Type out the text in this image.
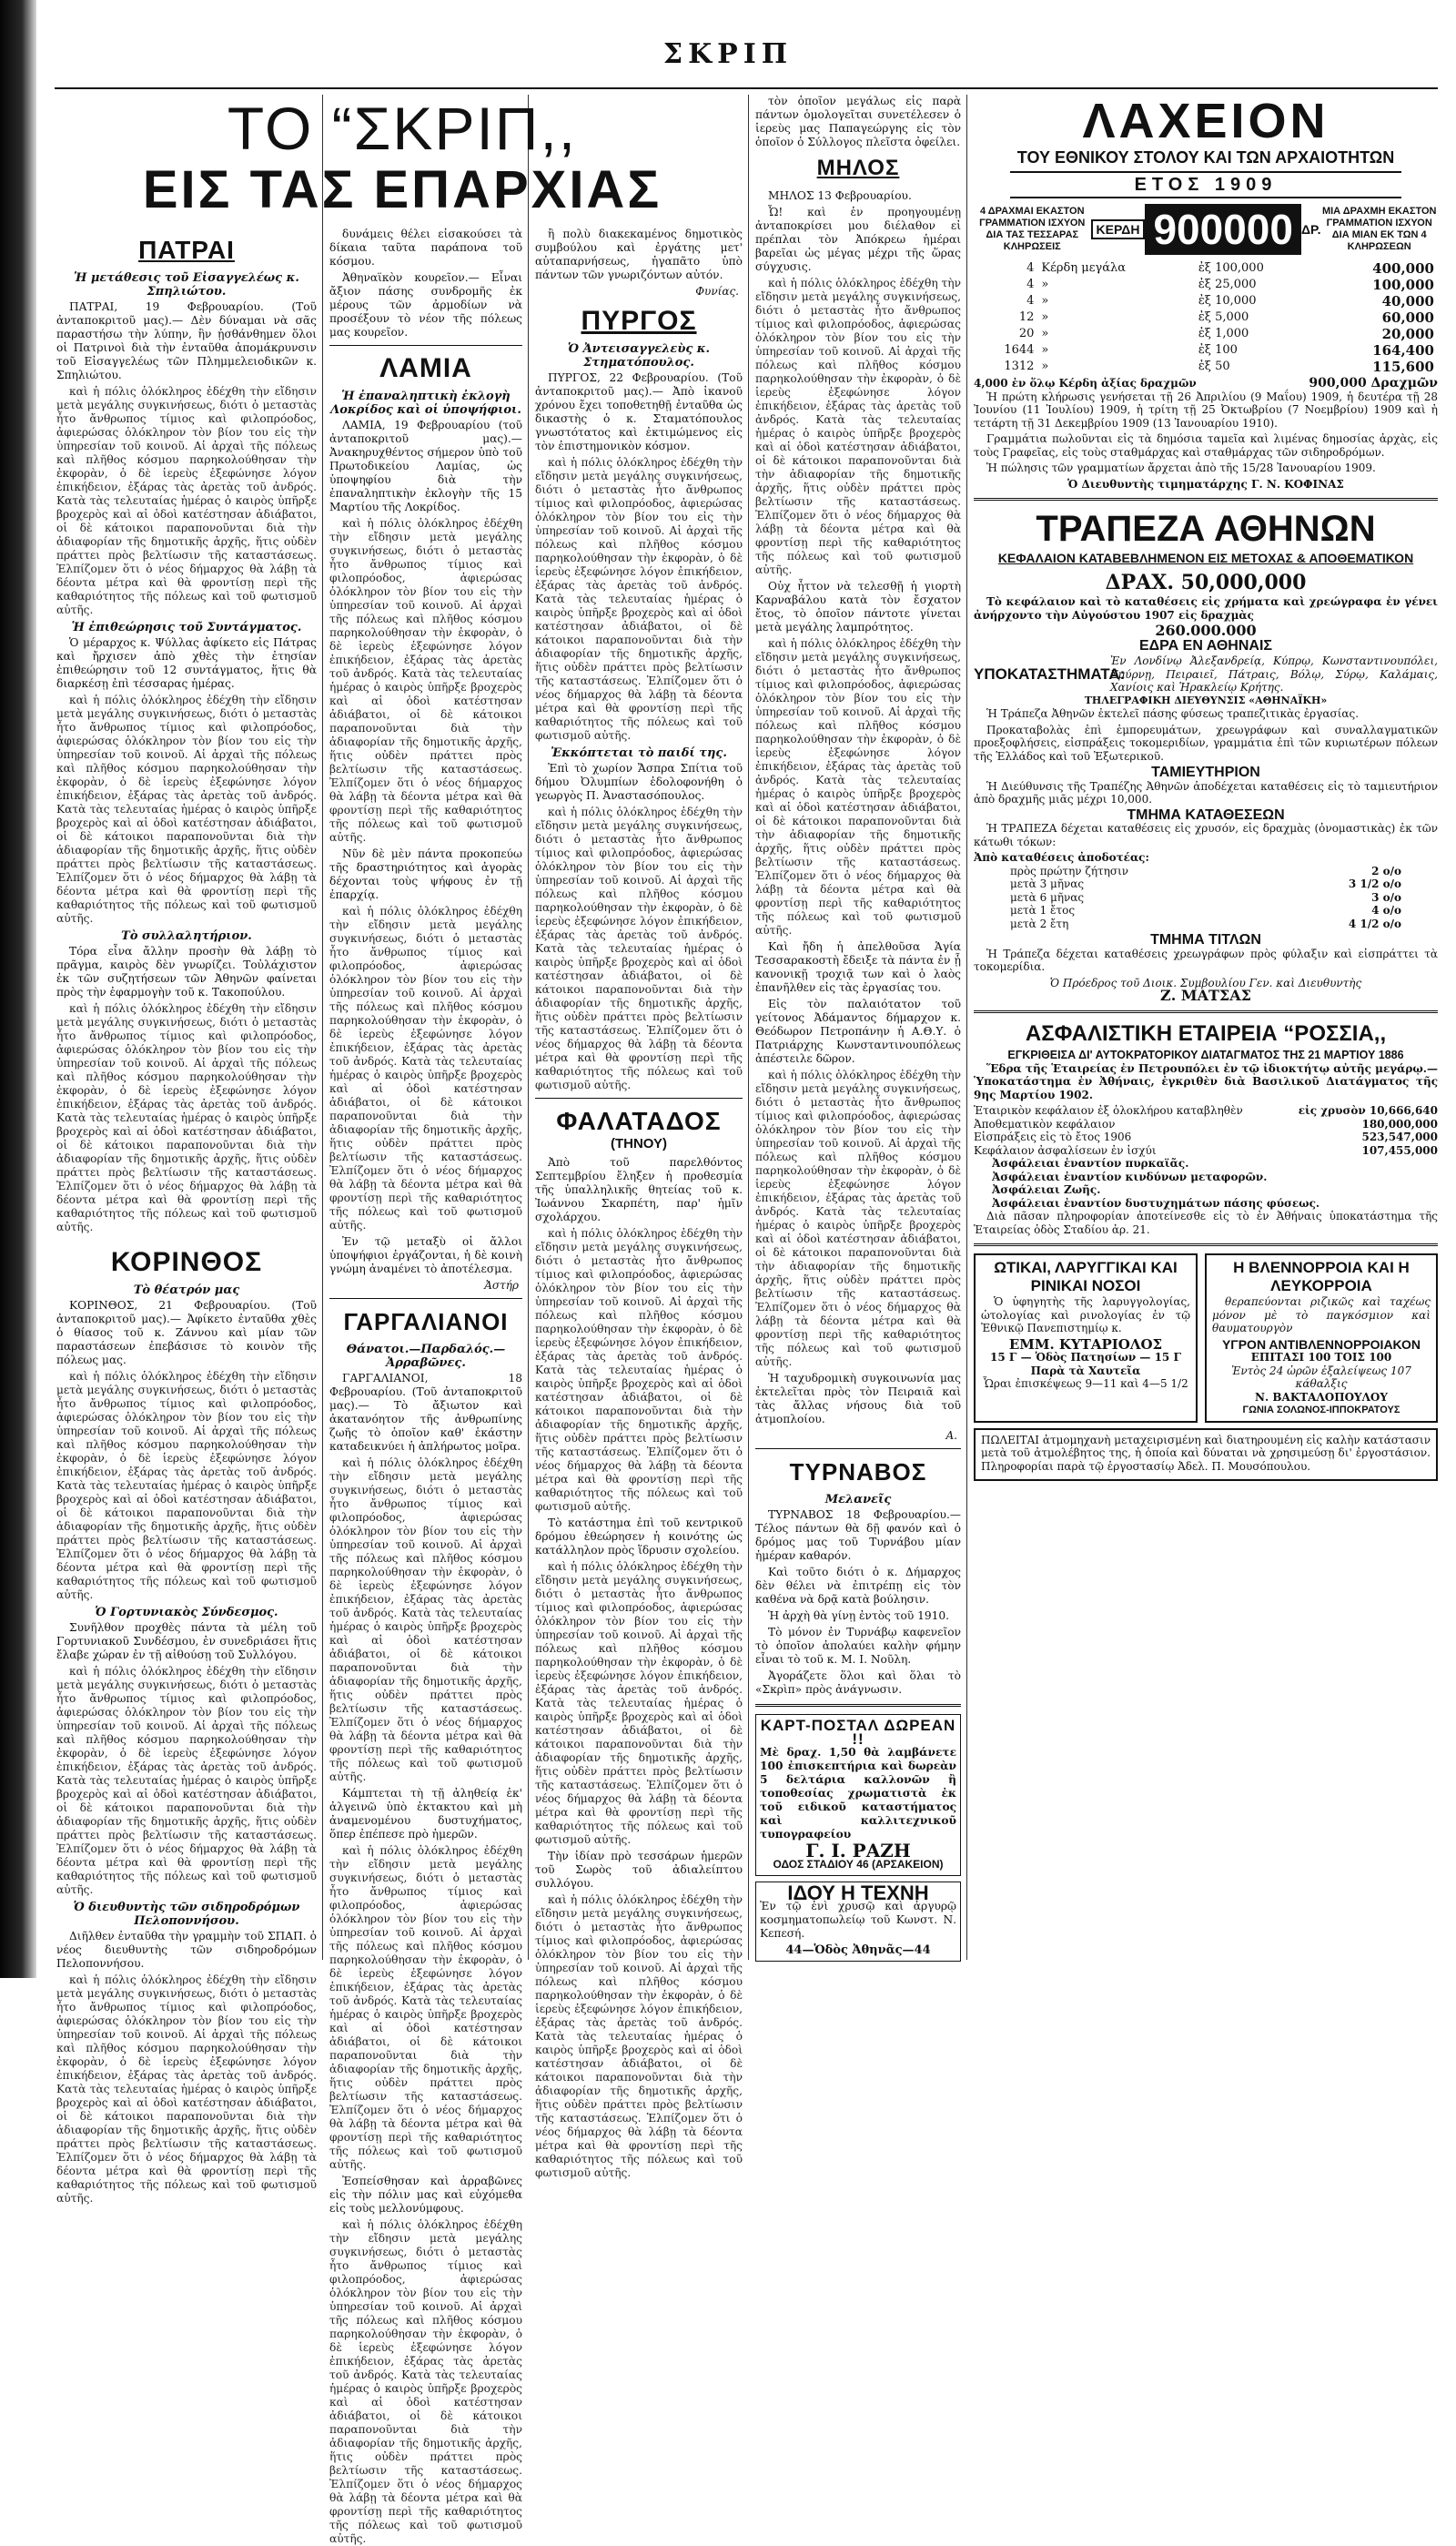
ΣΚΡΙΠ
ΤΟ “ΣΚΡΙΠ,,
ΕΙΣ ΤΑΣ ΕΠΑΡΧΙΑΣ
ΠΑΤΡΑΙ
Ἡ μετάθεσις τοῦ Εἰσαγγελέως κ. Σπηλιώτου.

ΠΑΤΡΑΙ, 19 Φεβρουαρίου. (Τοῦ ἀνταποκριτοῦ μας).— Δὲν δύναμαι νὰ σᾶς παραστήσω τὴν λύπην, ἣν ᾐσθάνθημεν ὅλοι οἱ Πατρινοὶ διὰ τὴν ἐνταῦθα ἀπομάκρυνσιν τοῦ Εἰσαγγελέως τῶν Πλημμελειοδικῶν κ. Σπηλιώτου.

καὶ ἡ πόλις ὁλόκληρος ἐδέχθη τὴν εἴδησιν μετὰ μεγάλης συγκινήσεως, διότι ὁ μεταστὰς ἦτο ἄνθρωπος τίμιος καὶ φιλοπρόοδος, ἀφιερώσας ὁλόκληρον τὸν βίον του εἰς τὴν ὑπηρεσίαν τοῦ κοινοῦ. Αἱ ἀρχαὶ τῆς πόλεως καὶ πλῆθος κόσμου παρηκολούθησαν τὴν ἐκφορὰν, ὁ δὲ ἱερεὺς ἐξεφώνησε λόγον ἐπικήδειον, ἐξάρας τὰς ἀρετὰς τοῦ ἀνδρός. Κατὰ τὰς τελευταίας ἡμέρας ὁ καιρὸς ὑπῆρξε βροχερὸς καὶ αἱ ὁδοὶ κατέστησαν ἀδιάβατοι, οἱ δὲ κάτοικοι παραπονοῦνται διὰ τὴν ἀδιαφορίαν τῆς δημοτικῆς ἀρχῆς, ἥτις οὐδὲν πράττει πρὸς βελτίωσιν τῆς καταστάσεως. Ἐλπίζομεν ὅτι ὁ νέος δήμαρχος θὰ λάβῃ τὰ δέοντα μέτρα καὶ θὰ φροντίσῃ περὶ τῆς καθαριότητος τῆς πόλεως καὶ τοῦ φωτισμοῦ αὐτῆς.

Ἡ ἐπιθεώρησις τοῦ Συντάγματος.

Ὁ μέραρχος κ. Ψύλλας ἀφίκετο εἰς Πάτρας καὶ ἤρχισεν ἀπὸ χθὲς τὴν ἐτησίαν ἐπιθεώρησιν τοῦ 12 συντάγματος, ἥτις θὰ διαρκέσῃ ἐπὶ τέσσαρας ἡμέρας.

καὶ ἡ πόλις ὁλόκληρος ἐδέχθη τὴν εἴδησιν μετὰ μεγάλης συγκινήσεως, διότι ὁ μεταστὰς ἦτο ἄνθρωπος τίμιος καὶ φιλοπρόοδος, ἀφιερώσας ὁλόκληρον τὸν βίον του εἰς τὴν ὑπηρεσίαν τοῦ κοινοῦ. Αἱ ἀρχαὶ τῆς πόλεως καὶ πλῆθος κόσμου παρηκολούθησαν τὴν ἐκφορὰν, ὁ δὲ ἱερεὺς ἐξεφώνησε λόγον ἐπικήδειον, ἐξάρας τὰς ἀρετὰς τοῦ ἀνδρός. Κατὰ τὰς τελευταίας ἡμέρας ὁ καιρὸς ὑπῆρξε βροχερὸς καὶ αἱ ὁδοὶ κατέστησαν ἀδιάβατοι, οἱ δὲ κάτοικοι παραπονοῦνται διὰ τὴν ἀδιαφορίαν τῆς δημοτικῆς ἀρχῆς, ἥτις οὐδὲν πράττει πρὸς βελτίωσιν τῆς καταστάσεως. Ἐλπίζομεν ὅτι ὁ νέος δήμαρχος θὰ λάβῃ τὰ δέοντα μέτρα καὶ θὰ φροντίσῃ περὶ τῆς καθαριότητος τῆς πόλεως καὶ τοῦ φωτισμοῦ αὐτῆς.

Τὸ συλλαλητήριον.

Τόρα εἶνα ἄλλην προσὴν θὰ λάβῃ τὸ πρᾶγμα, καιρὸς δὲν γνωρίζει. Τοὐλάχιστον ἐκ τῶν συζητήσεων τῶν Ἀθηνῶν φαίνεται πρὸς τὴν ἐφαρμογὴν τοῦ κ. Τακοπούλου.

καὶ ἡ πόλις ὁλόκληρος ἐδέχθη τὴν εἴδησιν μετὰ μεγάλης συγκινήσεως, διότι ὁ μεταστὰς ἦτο ἄνθρωπος τίμιος καὶ φιλοπρόοδος, ἀφιερώσας ὁλόκληρον τὸν βίον του εἰς τὴν ὑπηρεσίαν τοῦ κοινοῦ. Αἱ ἀρχαὶ τῆς πόλεως καὶ πλῆθος κόσμου παρηκολούθησαν τὴν ἐκφορὰν, ὁ δὲ ἱερεὺς ἐξεφώνησε λόγον ἐπικήδειον, ἐξάρας τὰς ἀρετὰς τοῦ ἀνδρός. Κατὰ τὰς τελευταίας ἡμέρας ὁ καιρὸς ὑπῆρξε βροχερὸς καὶ αἱ ὁδοὶ κατέστησαν ἀδιάβατοι, οἱ δὲ κάτοικοι παραπονοῦνται διὰ τὴν ἀδιαφορίαν τῆς δημοτικῆς ἀρχῆς, ἥτις οὐδὲν πράττει πρὸς βελτίωσιν τῆς καταστάσεως. Ἐλπίζομεν ὅτι ὁ νέος δήμαρχος θὰ λάβῃ τὰ δέοντα μέτρα καὶ θὰ φροντίσῃ περὶ τῆς καθαριότητος τῆς πόλεως καὶ τοῦ φωτισμοῦ αὐτῆς.

ΚΟΡΙΝΘΟΣ
Τὸ θέατρόν μας

ΚΟΡΙΝΘΟΣ, 21 Φεβρουαρίου. (Τοῦ ἀνταποκριτοῦ μας).— Ἀφίκετο ἐνταῦθα χθὲς ὁ θίασος τοῦ κ. Ζάννου καὶ μίαν τῶν παραστάσεων ἐπεβάσισε τὸ κοινὸν τῆς πόλεως μας.

καὶ ἡ πόλις ὁλόκληρος ἐδέχθη τὴν εἴδησιν μετὰ μεγάλης συγκινήσεως, διότι ὁ μεταστὰς ἦτο ἄνθρωπος τίμιος καὶ φιλοπρόοδος, ἀφιερώσας ὁλόκληρον τὸν βίον του εἰς τὴν ὑπηρεσίαν τοῦ κοινοῦ. Αἱ ἀρχαὶ τῆς πόλεως καὶ πλῆθος κόσμου παρηκολούθησαν τὴν ἐκφορὰν, ὁ δὲ ἱερεὺς ἐξεφώνησε λόγον ἐπικήδειον, ἐξάρας τὰς ἀρετὰς τοῦ ἀνδρός. Κατὰ τὰς τελευταίας ἡμέρας ὁ καιρὸς ὑπῆρξε βροχερὸς καὶ αἱ ὁδοὶ κατέστησαν ἀδιάβατοι, οἱ δὲ κάτοικοι παραπονοῦνται διὰ τὴν ἀδιαφορίαν τῆς δημοτικῆς ἀρχῆς, ἥτις οὐδὲν πράττει πρὸς βελτίωσιν τῆς καταστάσεως. Ἐλπίζομεν ὅτι ὁ νέος δήμαρχος θὰ λάβῃ τὰ δέοντα μέτρα καὶ θὰ φροντίσῃ περὶ τῆς καθαριότητος τῆς πόλεως καὶ τοῦ φωτισμοῦ αὐτῆς.

Ὁ Γορτυνιακὸς Σύνδεσμος.

Συνῆλθον προχθὲς πάντα τὰ μέλη τοῦ Γορτυνιακοῦ Συνδέσμου, ἐν συνεδριάσει ἥτις ἔλαβε χώραν ἐν τῇ αἰθούσῃ τοῦ Συλλόγου.

καὶ ἡ πόλις ὁλόκληρος ἐδέχθη τὴν εἴδησιν μετὰ μεγάλης συγκινήσεως, διότι ὁ μεταστὰς ἦτο ἄνθρωπος τίμιος καὶ φιλοπρόοδος, ἀφιερώσας ὁλόκληρον τὸν βίον του εἰς τὴν ὑπηρεσίαν τοῦ κοινοῦ. Αἱ ἀρχαὶ τῆς πόλεως καὶ πλῆθος κόσμου παρηκολούθησαν τὴν ἐκφορὰν, ὁ δὲ ἱερεὺς ἐξεφώνησε λόγον ἐπικήδειον, ἐξάρας τὰς ἀρετὰς τοῦ ἀνδρός. Κατὰ τὰς τελευταίας ἡμέρας ὁ καιρὸς ὑπῆρξε βροχερὸς καὶ αἱ ὁδοὶ κατέστησαν ἀδιάβατοι, οἱ δὲ κάτοικοι παραπονοῦνται διὰ τὴν ἀδιαφορίαν τῆς δημοτικῆς ἀρχῆς, ἥτις οὐδὲν πράττει πρὸς βελτίωσιν τῆς καταστάσεως. Ἐλπίζομεν ὅτι ὁ νέος δήμαρχος θὰ λάβῃ τὰ δέοντα μέτρα καὶ θὰ φροντίσῃ περὶ τῆς καθαριότητος τῆς πόλεως καὶ τοῦ φωτισμοῦ αὐτῆς.

Ὁ διευθυντὴς τῶν σιδηροδρόμων Πελοποννήσου.

Διῆλθεν ἐνταῦθα τὴν γραμμὴν τοῦ ΣΠΑΠ. ὁ νέος διευθυντὴς τῶν σιδηροδρόμων Πελοποννήσου.

καὶ ἡ πόλις ὁλόκληρος ἐδέχθη τὴν εἴδησιν μετὰ μεγάλης συγκινήσεως, διότι ὁ μεταστὰς ἦτο ἄνθρωπος τίμιος καὶ φιλοπρόοδος, ἀφιερώσας ὁλόκληρον τὸν βίον του εἰς τὴν ὑπηρεσίαν τοῦ κοινοῦ. Αἱ ἀρχαὶ τῆς πόλεως καὶ πλῆθος κόσμου παρηκολούθησαν τὴν ἐκφορὰν, ὁ δὲ ἱερεὺς ἐξεφώνησε λόγον ἐπικήδειον, ἐξάρας τὰς ἀρετὰς τοῦ ἀνδρός. Κατὰ τὰς τελευταίας ἡμέρας ὁ καιρὸς ὑπῆρξε βροχερὸς καὶ αἱ ὁδοὶ κατέστησαν ἀδιάβατοι, οἱ δὲ κάτοικοι παραπονοῦνται διὰ τὴν ἀδιαφορίαν τῆς δημοτικῆς ἀρχῆς, ἥτις οὐδὲν πράττει πρὸς βελτίωσιν τῆς καταστάσεως. Ἐλπίζομεν ὅτι ὁ νέος δήμαρχος θὰ λάβῃ τὰ δέοντα μέτρα καὶ θὰ φροντίσῃ περὶ τῆς καθαριότητος τῆς πόλεως καὶ τοῦ φωτισμοῦ αὐτῆς.

δυνάμεις θέλει εἰσακούσει τὰ δίκαια ταῦτα παράπονα τοῦ κόσμου.

Ἀθηναϊκὸν κουρεῖον.— Εἶναι ἄξιον πάσης συνδρομῆς ἐκ μέρους τῶν ἀρμοδίων νὰ προσέξουν τὸ νέον τῆς πόλεως μας κουρεῖον.

ΛΑΜΙΑ
Ἡ ἐπαναληπτικὴ ἐκλογὴ Λοκρίδος καὶ οἱ ὑποψήφιοι.

ΛΑΜΙΑ, 19 Φεβρουαρίου (τοῦ ἀνταποκριτοῦ μας).— Ἀνακηρυχθέντος σήμερον ὑπὸ τοῦ Πρωτοδικείου Λαμίας, ὡς ὑποψηφίου διὰ τὴν ἐπαναληπτικὴν ἐκλογὴν τῆς 15 Μαρτίου τῆς Λοκρίδος.

καὶ ἡ πόλις ὁλόκληρος ἐδέχθη τὴν εἴδησιν μετὰ μεγάλης συγκινήσεως, διότι ὁ μεταστὰς ἦτο ἄνθρωπος τίμιος καὶ φιλοπρόοδος, ἀφιερώσας ὁλόκληρον τὸν βίον του εἰς τὴν ὑπηρεσίαν τοῦ κοινοῦ. Αἱ ἀρχαὶ τῆς πόλεως καὶ πλῆθος κόσμου παρηκολούθησαν τὴν ἐκφορὰν, ὁ δὲ ἱερεὺς ἐξεφώνησε λόγον ἐπικήδειον, ἐξάρας τὰς ἀρετὰς τοῦ ἀνδρός. Κατὰ τὰς τελευταίας ἡμέρας ὁ καιρὸς ὑπῆρξε βροχερὸς καὶ αἱ ὁδοὶ κατέστησαν ἀδιάβατοι, οἱ δὲ κάτοικοι παραπονοῦνται διὰ τὴν ἀδιαφορίαν τῆς δημοτικῆς ἀρχῆς, ἥτις οὐδὲν πράττει πρὸς βελτίωσιν τῆς καταστάσεως. Ἐλπίζομεν ὅτι ὁ νέος δήμαρχος θὰ λάβῃ τὰ δέοντα μέτρα καὶ θὰ φροντίσῃ περὶ τῆς καθαριότητος τῆς πόλεως καὶ τοῦ φωτισμοῦ αὐτῆς.

Νῦν δὲ μὲν πάντα προκοπεύω τῆς δραστηριότητος καὶ ἀγορὰς δέχονται τοὺς ψήφους ἐν τῇ ἐπαρχίᾳ.

καὶ ἡ πόλις ὁλόκληρος ἐδέχθη τὴν εἴδησιν μετὰ μεγάλης συγκινήσεως, διότι ὁ μεταστὰς ἦτο ἄνθρωπος τίμιος καὶ φιλοπρόοδος, ἀφιερώσας ὁλόκληρον τὸν βίον του εἰς τὴν ὑπηρεσίαν τοῦ κοινοῦ. Αἱ ἀρχαὶ τῆς πόλεως καὶ πλῆθος κόσμου παρηκολούθησαν τὴν ἐκφορὰν, ὁ δὲ ἱερεὺς ἐξεφώνησε λόγον ἐπικήδειον, ἐξάρας τὰς ἀρετὰς τοῦ ἀνδρός. Κατὰ τὰς τελευταίας ἡμέρας ὁ καιρὸς ὑπῆρξε βροχερὸς καὶ αἱ ὁδοὶ κατέστησαν ἀδιάβατοι, οἱ δὲ κάτοικοι παραπονοῦνται διὰ τὴν ἀδιαφορίαν τῆς δημοτικῆς ἀρχῆς, ἥτις οὐδὲν πράττει πρὸς βελτίωσιν τῆς καταστάσεως. Ἐλπίζομεν ὅτι ὁ νέος δήμαρχος θὰ λάβῃ τὰ δέοντα μέτρα καὶ θὰ φροντίσῃ περὶ τῆς καθαριότητος τῆς πόλεως καὶ τοῦ φωτισμοῦ αὐτῆς.

Ἐν τῷ μεταξὺ οἱ ἄλλοι ὑποψήφιοι ἐργάζονται, ἡ δὲ κοινὴ γνώμη ἀναμένει τὸ ἀποτέλεσμα.

Ἀστήρ
ΓΑΡΓΑΛΙΑΝΟΙ
Θάνατοι.—Παρδαλός.—Ἀρραβῶνες.

ΓΑΡΓΑΛΙΑΝΟΙ, 18 Φεβρουαρίου. (Τοῦ ἀνταποκριτοῦ μας).— Τὸ ἄξιωτον καὶ ἀκατανόητον τῆς ἀνθρωπίνης ζωῆς τὸ ὁποῖον καθ' ἑκάστην καταδεικνύει ἡ ἀπλήρωτος μοῖρα.

καὶ ἡ πόλις ὁλόκληρος ἐδέχθη τὴν εἴδησιν μετὰ μεγάλης συγκινήσεως, διότι ὁ μεταστὰς ἦτο ἄνθρωπος τίμιος καὶ φιλοπρόοδος, ἀφιερώσας ὁλόκληρον τὸν βίον του εἰς τὴν ὑπηρεσίαν τοῦ κοινοῦ. Αἱ ἀρχαὶ τῆς πόλεως καὶ πλῆθος κόσμου παρηκολούθησαν τὴν ἐκφορὰν, ὁ δὲ ἱερεὺς ἐξεφώνησε λόγον ἐπικήδειον, ἐξάρας τὰς ἀρετὰς τοῦ ἀνδρός. Κατὰ τὰς τελευταίας ἡμέρας ὁ καιρὸς ὑπῆρξε βροχερὸς καὶ αἱ ὁδοὶ κατέστησαν ἀδιάβατοι, οἱ δὲ κάτοικοι παραπονοῦνται διὰ τὴν ἀδιαφορίαν τῆς δημοτικῆς ἀρχῆς, ἥτις οὐδὲν πράττει πρὸς βελτίωσιν τῆς καταστάσεως. Ἐλπίζομεν ὅτι ὁ νέος δήμαρχος θὰ λάβῃ τὰ δέοντα μέτρα καὶ θὰ φροντίσῃ περὶ τῆς καθαριότητος τῆς πόλεως καὶ τοῦ φωτισμοῦ αὐτῆς.

Κάμπτεται τὴ τῇ ἀληθείᾳ ἐκ' ἀλγεινῶ ὑπὸ ἐκτακτου καὶ μὴ ἀναμενομένου δυστυχήματος, ὅπερ ἐπέπεσε πρὸ ἡμερῶν.

καὶ ἡ πόλις ὁλόκληρος ἐδέχθη τὴν εἴδησιν μετὰ μεγάλης συγκινήσεως, διότι ὁ μεταστὰς ἦτο ἄνθρωπος τίμιος καὶ φιλοπρόοδος, ἀφιερώσας ὁλόκληρον τὸν βίον του εἰς τὴν ὑπηρεσίαν τοῦ κοινοῦ. Αἱ ἀρχαὶ τῆς πόλεως καὶ πλῆθος κόσμου παρηκολούθησαν τὴν ἐκφορὰν, ὁ δὲ ἱερεὺς ἐξεφώνησε λόγον ἐπικήδειον, ἐξάρας τὰς ἀρετὰς τοῦ ἀνδρός. Κατὰ τὰς τελευταίας ἡμέρας ὁ καιρὸς ὑπῆρξε βροχερὸς καὶ αἱ ὁδοὶ κατέστησαν ἀδιάβατοι, οἱ δὲ κάτοικοι παραπονοῦνται διὰ τὴν ἀδιαφορίαν τῆς δημοτικῆς ἀρχῆς, ἥτις οὐδὲν πράττει πρὸς βελτίωσιν τῆς καταστάσεως. Ἐλπίζομεν ὅτι ὁ νέος δήμαρχος θὰ λάβῃ τὰ δέοντα μέτρα καὶ θὰ φροντίσῃ περὶ τῆς καθαριότητος τῆς πόλεως καὶ τοῦ φωτισμοῦ αὐτῆς.

Ἐσπείσθησαν καὶ ἀρραβῶνες εἰς τὴν πόλιν μας καὶ εὐχόμεθα εἰς τοὺς μελλονύμφους.

καὶ ἡ πόλις ὁλόκληρος ἐδέχθη τὴν εἴδησιν μετὰ μεγάλης συγκινήσεως, διότι ὁ μεταστὰς ἦτο ἄνθρωπος τίμιος καὶ φιλοπρόοδος, ἀφιερώσας ὁλόκληρον τὸν βίον του εἰς τὴν ὑπηρεσίαν τοῦ κοινοῦ. Αἱ ἀρχαὶ τῆς πόλεως καὶ πλῆθος κόσμου παρηκολούθησαν τὴν ἐκφορὰν, ὁ δὲ ἱερεὺς ἐξεφώνησε λόγον ἐπικήδειον, ἐξάρας τὰς ἀρετὰς τοῦ ἀνδρός. Κατὰ τὰς τελευταίας ἡμέρας ὁ καιρὸς ὑπῆρξε βροχερὸς καὶ αἱ ὁδοὶ κατέστησαν ἀδιάβατοι, οἱ δὲ κάτοικοι παραπονοῦνται διὰ τὴν ἀδιαφορίαν τῆς δημοτικῆς ἀρχῆς, ἥτις οὐδὲν πράττει πρὸς βελτίωσιν τῆς καταστάσεως. Ἐλπίζομεν ὅτι ὁ νέος δήμαρχος θὰ λάβῃ τὰ δέοντα μέτρα καὶ θὰ φροντίσῃ περὶ τῆς καθαριότητος τῆς πόλεως καὶ τοῦ φωτισμοῦ αὐτῆς.

ἢ πολὺ διακεκαμένος δημοτικὸς συμβούλου καὶ ἐργάτης μετ' αὐταπαρνήσεως, ἠγαπᾶτο ὑπὸ πάντων τῶν γνωριζόντων αὐτόν.

Φυνίας.
ΠΥΡΓΟΣ
Ὁ Ἀντεισαγγελεὺς κ. Στηματόπουλος.

ΠΥΡΓΟΣ, 22 Φεβρουαρίου. (Τοῦ ἀνταποκριτοῦ μας).— Ἀπὸ ἱκανοῦ χρόνου ἔχει τοποθετηθῇ ἐνταῦθα ὡς δικαστὴς ὁ κ. Σταματόπουλος γνωστότατος καὶ ἐκτιμώμενος εἰς τὸν ἐπιστημονικὸν κόσμον.

καὶ ἡ πόλις ὁλόκληρος ἐδέχθη τὴν εἴδησιν μετὰ μεγάλης συγκινήσεως, διότι ὁ μεταστὰς ἦτο ἄνθρωπος τίμιος καὶ φιλοπρόοδος, ἀφιερώσας ὁλόκληρον τὸν βίον του εἰς τὴν ὑπηρεσίαν τοῦ κοινοῦ. Αἱ ἀρχαὶ τῆς πόλεως καὶ πλῆθος κόσμου παρηκολούθησαν τὴν ἐκφορὰν, ὁ δὲ ἱερεὺς ἐξεφώνησε λόγον ἐπικήδειον, ἐξάρας τὰς ἀρετὰς τοῦ ἀνδρός. Κατὰ τὰς τελευταίας ἡμέρας ὁ καιρὸς ὑπῆρξε βροχερὸς καὶ αἱ ὁδοὶ κατέστησαν ἀδιάβατοι, οἱ δὲ κάτοικοι παραπονοῦνται διὰ τὴν ἀδιαφορίαν τῆς δημοτικῆς ἀρχῆς, ἥτις οὐδὲν πράττει πρὸς βελτίωσιν τῆς καταστάσεως. Ἐλπίζομεν ὅτι ὁ νέος δήμαρχος θὰ λάβῃ τὰ δέοντα μέτρα καὶ θὰ φροντίσῃ περὶ τῆς καθαριότητος τῆς πόλεως καὶ τοῦ φωτισμοῦ αὐτῆς.

Ἐκκόπτεται τὸ παιδί της.

Ἐπὶ τὸ χωρίον Ἄσπρα Σπίτια τοῦ δήμου Ὀλυμπίων ἐδολοφονήθη ὁ γεωργὸς Π. Ἀναστασόπουλος.

καὶ ἡ πόλις ὁλόκληρος ἐδέχθη τὴν εἴδησιν μετὰ μεγάλης συγκινήσεως, διότι ὁ μεταστὰς ἦτο ἄνθρωπος τίμιος καὶ φιλοπρόοδος, ἀφιερώσας ὁλόκληρον τὸν βίον του εἰς τὴν ὑπηρεσίαν τοῦ κοινοῦ. Αἱ ἀρχαὶ τῆς πόλεως καὶ πλῆθος κόσμου παρηκολούθησαν τὴν ἐκφορὰν, ὁ δὲ ἱερεὺς ἐξεφώνησε λόγον ἐπικήδειον, ἐξάρας τὰς ἀρετὰς τοῦ ἀνδρός. Κατὰ τὰς τελευταίας ἡμέρας ὁ καιρὸς ὑπῆρξε βροχερὸς καὶ αἱ ὁδοὶ κατέστησαν ἀδιάβατοι, οἱ δὲ κάτοικοι παραπονοῦνται διὰ τὴν ἀδιαφορίαν τῆς δημοτικῆς ἀρχῆς, ἥτις οὐδὲν πράττει πρὸς βελτίωσιν τῆς καταστάσεως. Ἐλπίζομεν ὅτι ὁ νέος δήμαρχος θὰ λάβῃ τὰ δέοντα μέτρα καὶ θὰ φροντίσῃ περὶ τῆς καθαριότητος τῆς πόλεως καὶ τοῦ φωτισμοῦ αὐτῆς.

ΦΑΛΑΤΑΔΟΣ
(ΤΗΝΟΥ)

Ἀπὸ τοῦ παρελθόντος Σεπτεμβρίου ἔληξεν ἡ προθεσμία τῆς ὑπαλληλικῆς θητείας τοῦ κ. Ἰωάννου Σκαρπέτη, παρ' ἡμῖν σχολάρχου.

καὶ ἡ πόλις ὁλόκληρος ἐδέχθη τὴν εἴδησιν μετὰ μεγάλης συγκινήσεως, διότι ὁ μεταστὰς ἦτο ἄνθρωπος τίμιος καὶ φιλοπρόοδος, ἀφιερώσας ὁλόκληρον τὸν βίον του εἰς τὴν ὑπηρεσίαν τοῦ κοινοῦ. Αἱ ἀρχαὶ τῆς πόλεως καὶ πλῆθος κόσμου παρηκολούθησαν τὴν ἐκφορὰν, ὁ δὲ ἱερεὺς ἐξεφώνησε λόγον ἐπικήδειον, ἐξάρας τὰς ἀρετὰς τοῦ ἀνδρός. Κατὰ τὰς τελευταίας ἡμέρας ὁ καιρὸς ὑπῆρξε βροχερὸς καὶ αἱ ὁδοὶ κατέστησαν ἀδιάβατοι, οἱ δὲ κάτοικοι παραπονοῦνται διὰ τὴν ἀδιαφορίαν τῆς δημοτικῆς ἀρχῆς, ἥτις οὐδὲν πράττει πρὸς βελτίωσιν τῆς καταστάσεως. Ἐλπίζομεν ὅτι ὁ νέος δήμαρχος θὰ λάβῃ τὰ δέοντα μέτρα καὶ θὰ φροντίσῃ περὶ τῆς καθαριότητος τῆς πόλεως καὶ τοῦ φωτισμοῦ αὐτῆς.

Τὸ κατάστημα ἐπὶ τοῦ κεντρικοῦ δρόμου ἐθεώρησεν ἡ κοινότης ὡς κατάλληλον πρὸς ἵδρυσιν σχολείου.

καὶ ἡ πόλις ὁλόκληρος ἐδέχθη τὴν εἴδησιν μετὰ μεγάλης συγκινήσεως, διότι ὁ μεταστὰς ἦτο ἄνθρωπος τίμιος καὶ φιλοπρόοδος, ἀφιερώσας ὁλόκληρον τὸν βίον του εἰς τὴν ὑπηρεσίαν τοῦ κοινοῦ. Αἱ ἀρχαὶ τῆς πόλεως καὶ πλῆθος κόσμου παρηκολούθησαν τὴν ἐκφορὰν, ὁ δὲ ἱερεὺς ἐξεφώνησε λόγον ἐπικήδειον, ἐξάρας τὰς ἀρετὰς τοῦ ἀνδρός. Κατὰ τὰς τελευταίας ἡμέρας ὁ καιρὸς ὑπῆρξε βροχερὸς καὶ αἱ ὁδοὶ κατέστησαν ἀδιάβατοι, οἱ δὲ κάτοικοι παραπονοῦνται διὰ τὴν ἀδιαφορίαν τῆς δημοτικῆς ἀρχῆς, ἥτις οὐδὲν πράττει πρὸς βελτίωσιν τῆς καταστάσεως. Ἐλπίζομεν ὅτι ὁ νέος δήμαρχος θὰ λάβῃ τὰ δέοντα μέτρα καὶ θὰ φροντίσῃ περὶ τῆς καθαριότητος τῆς πόλεως καὶ τοῦ φωτισμοῦ αὐτῆς.

Τὴν ἰδίαν πρὸ τεσσάρων ἡμερῶν τοῦ Σωρὸς τοῦ ἀδιαλείπτου συλλόγου.

καὶ ἡ πόλις ὁλόκληρος ἐδέχθη τὴν εἴδησιν μετὰ μεγάλης συγκινήσεως, διότι ὁ μεταστὰς ἦτο ἄνθρωπος τίμιος καὶ φιλοπρόοδος, ἀφιερώσας ὁλόκληρον τὸν βίον του εἰς τὴν ὑπηρεσίαν τοῦ κοινοῦ. Αἱ ἀρχαὶ τῆς πόλεως καὶ πλῆθος κόσμου παρηκολούθησαν τὴν ἐκφορὰν, ὁ δὲ ἱερεὺς ἐξεφώνησε λόγον ἐπικήδειον, ἐξάρας τὰς ἀρετὰς τοῦ ἀνδρός. Κατὰ τὰς τελευταίας ἡμέρας ὁ καιρὸς ὑπῆρξε βροχερὸς καὶ αἱ ὁδοὶ κατέστησαν ἀδιάβατοι, οἱ δὲ κάτοικοι παραπονοῦνται διὰ τὴν ἀδιαφορίαν τῆς δημοτικῆς ἀρχῆς, ἥτις οὐδὲν πράττει πρὸς βελτίωσιν τῆς καταστάσεως. Ἐλπίζομεν ὅτι ὁ νέος δήμαρχος θὰ λάβῃ τὰ δέοντα μέτρα καὶ θὰ φροντίσῃ περὶ τῆς καθαριότητος τῆς πόλεως καὶ τοῦ φωτισμοῦ αὐτῆς.

τὸν ὁποῖον μεγάλως εἰς παρὰ πάντων ὁμολογεῖται συνετέλεσεν ὁ ἱερεὺς μας Παπαγεώργης εἰς τὸν ὁποῖον ὁ Σύλλογος πλεῖστα ὀφείλει.

ΜΗΛΟΣ

ΜΗΛΟΣ 13 Φεβρουαρίου.

Ὦ! καὶ ἐν προηγουμένῃ ἀνταποκρίσει μου διέλαθον εἰ πρέπλαι τὸν Ἀπόκρεω ἡμέραι βαρεῖαι ὡς μέγας μέχρι τῆς ὥρας σύγχυσις.

καὶ ἡ πόλις ὁλόκληρος ἐδέχθη τὴν εἴδησιν μετὰ μεγάλης συγκινήσεως, διότι ὁ μεταστὰς ἦτο ἄνθρωπος τίμιος καὶ φιλοπρόοδος, ἀφιερώσας ὁλόκληρον τὸν βίον του εἰς τὴν ὑπηρεσίαν τοῦ κοινοῦ. Αἱ ἀρχαὶ τῆς πόλεως καὶ πλῆθος κόσμου παρηκολούθησαν τὴν ἐκφορὰν, ὁ δὲ ἱερεὺς ἐξεφώνησε λόγον ἐπικήδειον, ἐξάρας τὰς ἀρετὰς τοῦ ἀνδρός. Κατὰ τὰς τελευταίας ἡμέρας ὁ καιρὸς ὑπῆρξε βροχερὸς καὶ αἱ ὁδοὶ κατέστησαν ἀδιάβατοι, οἱ δὲ κάτοικοι παραπονοῦνται διὰ τὴν ἀδιαφορίαν τῆς δημοτικῆς ἀρχῆς, ἥτις οὐδὲν πράττει πρὸς βελτίωσιν τῆς καταστάσεως. Ἐλπίζομεν ὅτι ὁ νέος δήμαρχος θὰ λάβῃ τὰ δέοντα μέτρα καὶ θὰ φροντίσῃ περὶ τῆς καθαριότητος τῆς πόλεως καὶ τοῦ φωτισμοῦ αὐτῆς.

Οὐχ ἧττον νὰ τελεσθῇ ἡ γιορτὴ Καρναβάλου κατὰ τὸν ἔσχατον ἔτος, τὸ ὁποῖον πάντοτε γίνεται μετὰ μεγάλης λαμπρότητος.

καὶ ἡ πόλις ὁλόκληρος ἐδέχθη τὴν εἴδησιν μετὰ μεγάλης συγκινήσεως, διότι ὁ μεταστὰς ἦτο ἄνθρωπος τίμιος καὶ φιλοπρόοδος, ἀφιερώσας ὁλόκληρον τὸν βίον του εἰς τὴν ὑπηρεσίαν τοῦ κοινοῦ. Αἱ ἀρχαὶ τῆς πόλεως καὶ πλῆθος κόσμου παρηκολούθησαν τὴν ἐκφορὰν, ὁ δὲ ἱερεὺς ἐξεφώνησε λόγον ἐπικήδειον, ἐξάρας τὰς ἀρετὰς τοῦ ἀνδρός. Κατὰ τὰς τελευταίας ἡμέρας ὁ καιρὸς ὑπῆρξε βροχερὸς καὶ αἱ ὁδοὶ κατέστησαν ἀδιάβατοι, οἱ δὲ κάτοικοι παραπονοῦνται διὰ τὴν ἀδιαφορίαν τῆς δημοτικῆς ἀρχῆς, ἥτις οὐδὲν πράττει πρὸς βελτίωσιν τῆς καταστάσεως. Ἐλπίζομεν ὅτι ὁ νέος δήμαρχος θὰ λάβῃ τὰ δέοντα μέτρα καὶ θὰ φροντίσῃ περὶ τῆς καθαριότητος τῆς πόλεως καὶ τοῦ φωτισμοῦ αὐτῆς.

Καὶ ἤδη ἡ ἀπελθοῦσα Ἁγία Τεσσαρακοστὴ ἔδειξε τὰ πάντα ἐν ᾗ κανονικῇ τροχιᾷ των καὶ ὁ λαὸς ἐπανῆλθεν εἰς τὰς ἐργασίας του.

Εἰς τὸν παλαιότατον τοῦ γείτονος Ἀδάμαντος δήμαρχον κ. Θεόδωρον Πετροπάνην ἡ Α.Θ.Υ. ὁ Πατριάρχης Κωνσταντινουπόλεως ἀπέστειλε δῶρον.

καὶ ἡ πόλις ὁλόκληρος ἐδέχθη τὴν εἴδησιν μετὰ μεγάλης συγκινήσεως, διότι ὁ μεταστὰς ἦτο ἄνθρωπος τίμιος καὶ φιλοπρόοδος, ἀφιερώσας ὁλόκληρον τὸν βίον του εἰς τὴν ὑπηρεσίαν τοῦ κοινοῦ. Αἱ ἀρχαὶ τῆς πόλεως καὶ πλῆθος κόσμου παρηκολούθησαν τὴν ἐκφορὰν, ὁ δὲ ἱερεὺς ἐξεφώνησε λόγον ἐπικήδειον, ἐξάρας τὰς ἀρετὰς τοῦ ἀνδρός. Κατὰ τὰς τελευταίας ἡμέρας ὁ καιρὸς ὑπῆρξε βροχερὸς καὶ αἱ ὁδοὶ κατέστησαν ἀδιάβατοι, οἱ δὲ κάτοικοι παραπονοῦνται διὰ τὴν ἀδιαφορίαν τῆς δημοτικῆς ἀρχῆς, ἥτις οὐδὲν πράττει πρὸς βελτίωσιν τῆς καταστάσεως. Ἐλπίζομεν ὅτι ὁ νέος δήμαρχος θὰ λάβῃ τὰ δέοντα μέτρα καὶ θὰ φροντίσῃ περὶ τῆς καθαριότητος τῆς πόλεως καὶ τοῦ φωτισμοῦ αὐτῆς.

Ἡ ταχυδρομικὴ συγκοινωνία μας ἐκτελεῖται πρὸς τὸν Πειραιᾶ καὶ τὰς ἄλλας νήσους διὰ τοῦ ἀτμοπλοίου.

Α.
ΤΥΡΝΑΒΟΣ
Μελανεῖς

ΤΥΡΝΑΒΟΣ 18 Φεβρουαρίου.— Τέλος πάντων θὰ δῇ φανόν καὶ ὁ δρόμος μας τοῦ Τυρνάβου μίαν ἡμέραν καθαρόν.

Καὶ τοῦτο διότι ὁ κ. Δήμαρχος δὲν θέλει νὰ ἐπιτρέπῃ εἰς τὸν καθένα νὰ δρᾷ κατὰ βούλησιν.

Ἡ ἀρχὴ θὰ γίνῃ ἐντὸς τοῦ 1910.

Τὸ μόνον ἐν Τυρνάβῳ καφενεῖον τὸ ὁποῖον ἀπολαύει καλὴν φήμην εἶναι τὸ τοῦ κ. Μ. Ι. Νοῦλη.

Ἀγοράζετε ὅλοι καὶ ὅλαι τὸ «Σκρὶπ» πρὸς ἀνάγνωσιν.

ΚΑΡΤ-ΠΟΣΤΑΛ ΔΩΡΕΑΝ !!

Μὲ δραχ. 1,50 θὰ λαμβάνετε 100 ἐπισκεπτήρια καὶ δωρεὰν 5 δελτάρια καλλονῶν ἢ τοποθεσίας χρωματιστὰ ἐκ τοῦ ειδικοῦ καταστήματος καὶ καλλιτεχνικοῦ τυπογραφείου

Γ. Ι. ΡΑΖΗ
ΟΔΟΣ ΣΤΑΔΙΟΥ 46 (ΑΡΣΑΚΕΙΟΝ)
ΙΔΟΥ Η ΤΕΧΝΗ

Ἐν τῷ ἐνὶ χρυσῷ καὶ ἀργυρῷ κοσμηματοπωλείῳ τοῦ Κωνστ. Ν. Κεπεσή.

44—Ὁδὸς Ἀθηνᾶς—44
ΛΑΧΕΙΟΝ
ΤΟΥ ΕΘΝΙΚΟΥ ΣΤΟΛΟΥ ΚΑΙ ΤΩΝ ΑΡΧΑΙΟΤΗΤΩΝ
ΕΤΟΣ 1909
4 ΔΡΑΧΜΑΙ ΕΚΑΣΤΟΝ ΓΡΑΜΜΑΤΙΟΝ ΙΣΧΥΟΝ ΔΙΑ ΤΑΣ ΤΕΣΣΑΡΑΣ ΚΛΗΡΩΣΕΙΣ
ΚΕΡΔΗ 900000 ΔΡ.
ΜΙΑ ΔΡΑΧΜΗ ΕΚΑΣΤΟΝ ΓΡΑΜΜΑΤΙΟΝ ΙΣΧΥΟΝ ΔΙΑ ΜΙΑΝ ΕΚ ΤΩΝ 4 ΚΛΗΡΩΣΕΩΝ
4	Κέρδη μεγάλα	ἐξ 100,000	400,000
4	»	ἐξ 25,000	100,000
4	»	ἐξ 10,000	40,000
12	»	ἐξ 5,000	60,000
20	»	ἐξ 1,000	20,000
1644	»	ἐξ 100	164,400
1312	»	ἐξ 50	115,600
4,000 ἐν ὅλῳ Κέρδη ἀξίας δραχμῶν	900,000 Δραχμῶν

Ἡ πρώτη κλήρωσις γενήσεται τῇ 26 Ἀπριλίου (9 Μαΐου) 1909, ἡ δευτέρα τῇ 28 Ἰουνίου (11 Ἰουλίου) 1909, ἡ τρίτη τῇ 25 Ὀκτωβρίου (7 Νοεμβρίου) 1909 καὶ ἡ τετάρτη τῇ 31 Δεκεμβρίου 1909 (13 Ἰανουαρίου 1910).

Γραμμάτια πωλοῦνται εἰς τὰ δημόσια ταμεῖα καὶ λιμένας δημοσίας ἀρχὰς, εἰς τοὺς Γραφεῖας, εἰς τοὺς σταθμάρχας καὶ σταθμάρχας τῶν σιδηροδρόμων.

Ἡ πώλησις τῶν γραμματίων ἄρχεται ἀπὸ τῆς 15/28 Ἰανουαρίου 1909.

Ὁ Διευθυντὴς τιμηματάρχης Γ. Ν. ΚΟΦΙΝΑΣ
ΤΡΑΠΕΖΑ ΑΘΗΝΩΝ
ΚΕΦΑΛΑΙΟΝ ΚΑΤΑΒΕΒΛΗΜΕΝΟΝ ΕΙΣ ΜΕΤΟΧΑΣ & ΑΠΟΘΕΜΑΤΙΚΟΝ
ΔΡΑΧ. 50,000,000

Τὸ κεφάλαιον καὶ τὸ καταθέσεις εἰς χρήματα καὶ χρεώγραφα ἐν γένει ἀνήρχοντο τὴν Αὐγούστου 1907 εἰς δραχμὰς

260.000.000
ΕΔΡΑ ΕΝ ΑΘΗΝΑΙΣ
ΥΠΟΚΑΤΑΣΤΗΜΑΤΑ:
Ἐν Λονδίνῳ Ἀλεξανδρείᾳ, Κύπρῳ, Κωνσταντινουπόλει, Σμύρνῃ, Πειραιεῖ, Πάτραις, Βόλῳ, Σύρῳ, Καλάμαις, Χανίοις καὶ Ἡρακλείῳ Κρήτης.
ΤΗΛΕΓΡΑΦΙΚΗ ΔΙΕΥΘΥΝΣΙΣ «ΑΘΗΝΑΪΚΗ»

Ἡ Τράπεζα Ἀθηνῶν ἐκτελεῖ πάσης φύσεως τραπεζιτικὰς ἐργασίας.

Προκαταβολὰς ἐπὶ ἐμπορευμάτων, χρεωγράφων καὶ συναλλαγματικῶν προεξοφλήσεις, εἰσπράξεις τοκομεριδίων, γραμμάτια ἐπὶ τῶν κυριωτέρων πόλεων τῆς Ἑλλάδος καὶ τοῦ Ἐξωτερικοῦ.

ΤΑΜΙΕΥΤΗΡΙΟΝ

Ἡ Διεύθυνσις τῆς Τραπέζης Ἀθηνῶν ἀποδέχεται καταθέσεις εἰς τὸ ταμιευτήριον ἀπὸ δραχμῆς μιᾶς μέχρι 10,000.

ΤΜΗΜΑ ΚΑΤΑΘΕΣΕΩΝ

Ἡ ΤΡΑΠΕΖΑ δέχεται καταθέσεις εἰς χρυσόν, εἰς δραχμὰς (ὀνομαστικὰς) ἐκ τῶν κάτωθι τόκων:

Ἀπὸ καταθέσεις ἀποδοτέας:
πρὸς πρώτην ζήτησιν	2 ο/ο
μετὰ 3 μῆνας	3 1/2 ο/ο
μετὰ 6 μῆνας	3 ο/ο
μετὰ 1 ἔτος	4 ο/ο
μετὰ 2 ἔτη	4 1/2 ο/ο
ΤΜΗΜΑ ΤΙΤΛΩΝ

Ἡ Τράπεζα δέχεται καταθέσεις χρεωγράφων πρὸς φύλαξιν καὶ εἰσπράττει τὰ τοκομερίδια.

Ὁ Πρόεδρος τοῦ Διοικ. Συμβουλίου Γεν. καὶ Διευθυντὴς
Ζ. ΜΑΤΣΑΣ
ΑΣΦΑΛΙΣΤΙΚΗ ΕΤΑΙΡΕΙΑ “ΡΟΣΣΙΑ,,
ΕΓΚΡΙΘΕΙΣΑ ΔΙ' ΑΥΤΟΚΡΑΤΟΡΙΚΟΥ ΔΙΑΤΑΓΜΑΤΟΣ ΤΗΣ 21 ΜΑΡΤΙΟΥ 1886

Ἕδρα τῆς Ἑταιρείας ἐν Πετρουπόλει ἐν τῷ ἰδιοκτήτῳ αὐτῆς μεγάρῳ.— Ὑποκατάστημα ἐν Ἀθήναις, ἐγκριθὲν διὰ Βασιλικοῦ Διατάγματος τῆς 9ης Μαρτίου 1902.

Ἑταιρικὸν κεφάλαιον ἐξ ὁλοκλήρου καταβληθὲν	εἰς χρυσὸν 10,666,640
Ἀποθεματικὸν κεφάλαιον	180,000,000
Εἰσπράξεις εἰς τὸ ἔτος 1906	523,547,000
Κεφάλαιον ἀσφαλίσεων ἐν ἰσχύι	107,455,000
Ἀσφάλειαι ἐναντίον πυρκαϊᾶς.
Ἀσφάλειαι ἐναντίον κινδύνων μεταφορῶν.
Ἀσφάλειαι Ζωῆς.
Ἀσφάλειαι ἐναντίον δυστυχημάτων πάσης φύσεως.

Διὰ πᾶσαν πληροφορίαν ἀποτείνεσθε εἰς τὸ ἐν Ἀθήναις ὑποκατάστημα τῆς Ἑταιρείας ὁδὸς Σταδίου ἀρ. 21.

ΩΤΙΚΑΙ, ΛΑΡΥΓΓΙΚΑΙ ΚΑΙ ΡΙΝΙΚΑΙ ΝΟΣΟΙ

Ὁ ὑφηγητὴς τῆς λαρυγγολογίας, ὠτολογίας καὶ ρινολογίας ἐν τῷ Ἐθνικῷ Πανεπιστημίῳ κ.

ΕΜΜ. ΚΥΤΑΡΙΟΛΟΣ
15 Γ — Ὁδὸς Πατησίων — 15 Γ
Παρὰ τὰ Χαυτεῖα
Ὧραι ἐπισκέψεως 9—11 καὶ 4—5 1/2
Η ΒΛΕΝΝΟΡΡΟΙΑ ΚΑΙ Η ΛΕΥΚΟΡΡΟΙΑ

θεραπεύονται ριζικῶς καὶ ταχέως μόνον μὲ τὸ παγκόσμιον καὶ θαυματουργὸν

ΥΓΡΟΝ ΑΝΤΙΒΛΕΝΝΟΡΡΟΙΑΚΟΝ
ΕΠΙΤΑΣΙ 100 ΤΟΙΣ 100
Ἐντὸς 24 ὡρῶν ἐξαλείψεως 107 κάθαλξις
Ν. ΒΑΚΤΑΛΟΠΟΥΛΟΥ
ΓΩΝΙΑ ΣΟΛΩΝΟΣ-ΙΠΠΟΚΡΑΤΟΥΣ

ΠΩΛΕΙΤΑΙ ἀτμομηχανὴ μεταχειρισμένη καὶ διατηρουμένη εἰς καλὴν κατάστασιν μετὰ τοῦ ἀτμολέβητος της, ἡ ὁποία καὶ δύναται νὰ χρησιμεύσῃ δι' ἐργοστάσιον. Πληροφορίαι παρὰ τῷ ἐργοστασίῳ Ἀδελ. Π. Μουσόπουλου.
